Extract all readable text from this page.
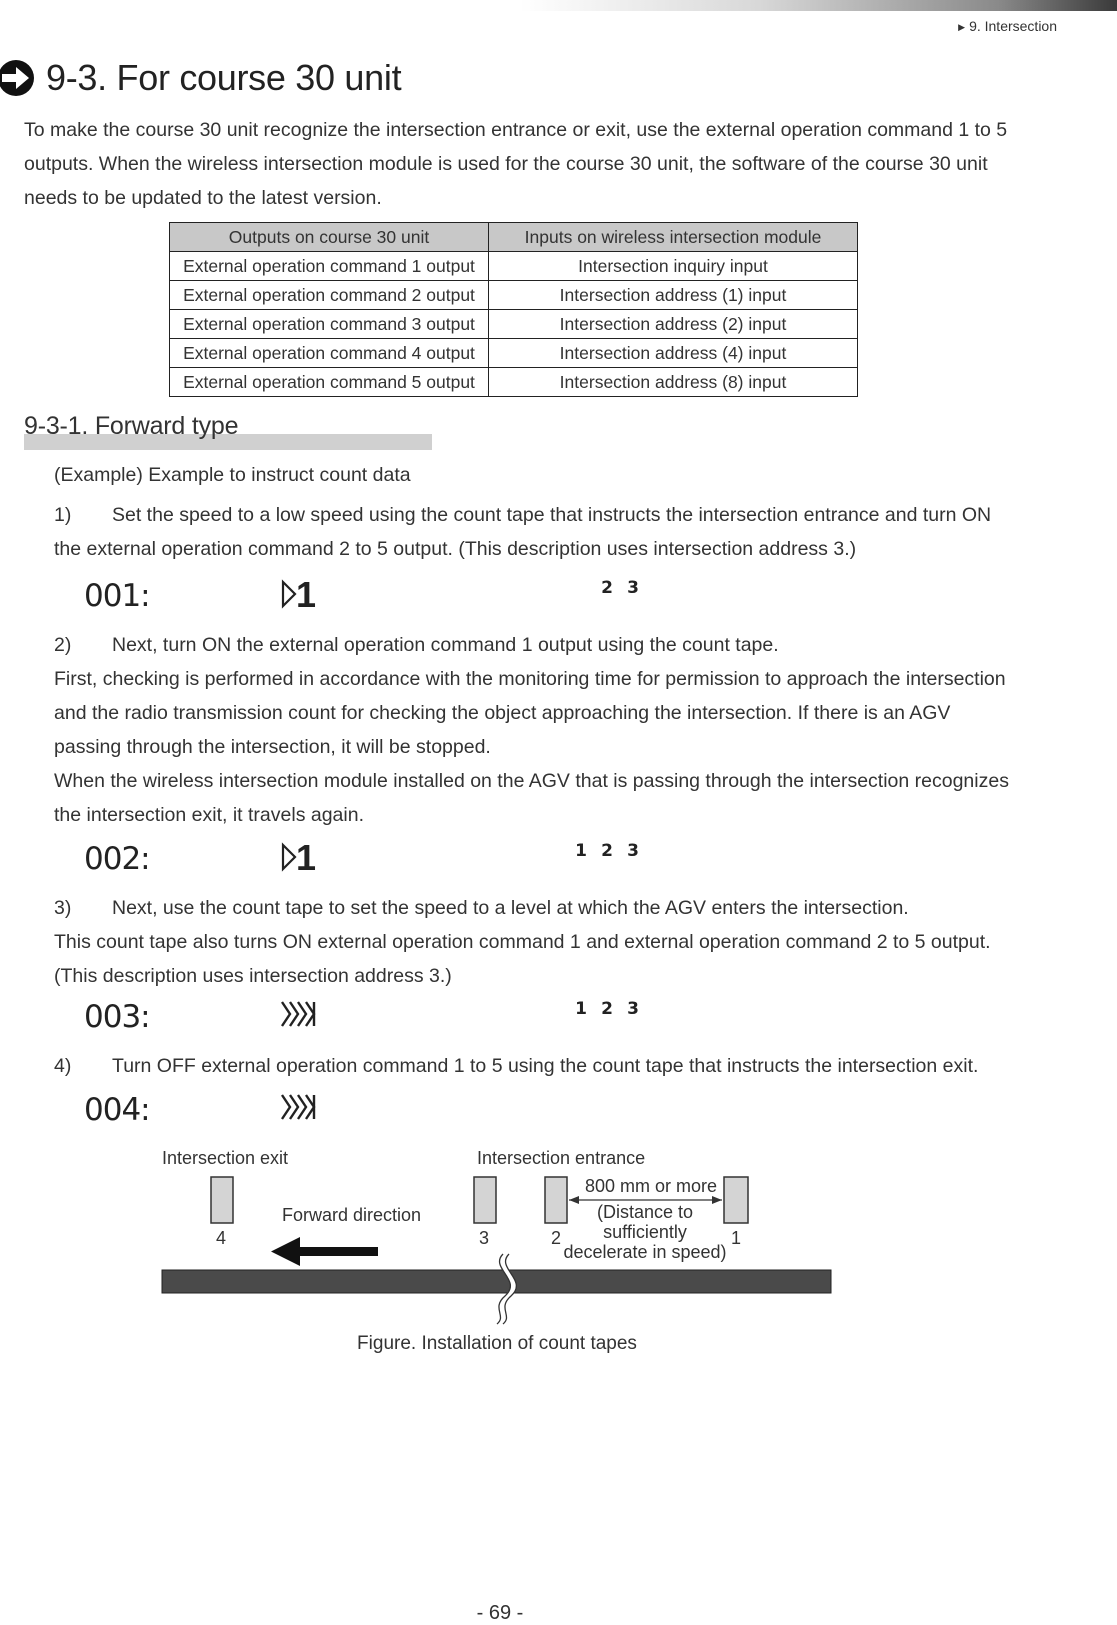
▶ 9. Intersection
9-3. For course 30 unit
To make the course 30 unit recognize the intersection entrance or exit, use the external operation command 1 to 5 outputs. When the wireless intersection module is used for the course 30 unit, the software of the course 30 unit needs to be updated to the latest version.
Outputs on course 30 unit	Inputs on wireless intersection module
External operation command 1 output	Intersection inquiry input
External operation command 2 output	Intersection address (1) input
External operation command 3 output	Intersection address (2) input
External operation command 4 output	Intersection address (4) input
External operation command 5 output	Intersection address (8) input
9-3-1. Forward type
(Example) Example to instruct count data
1) Set the speed to a low speed using the count tape that instructs the intersection entrance and turn ON the external operation command 2 to 5 output. (This description uses intersection address 3.)
001:	1	2 3
2) Next, turn ON the external operation command 1 output using the count tape.
First, checking is performed in accordance with the monitoring time for permission to approach the intersection and the radio transmission count for checking the object approaching the intersection. If there is an AGV passing through the intersection, it will be stopped.
When the wireless intersection module installed on the AGV that is passing through the intersection recognizes the intersection exit, it travels again.
002:	1	1 2 3
3) Next, use the count tape to set the speed to a level at which the AGV enters the intersection.
This count tape also turns ON external operation command 1 and external operation command 2 to 5 output. (This description uses intersection address 3.)
003:	1 2 3
4) Turn OFF external operation command 1 to 5 using the count tape that instructs the intersection exit.
004:
Intersection exit	Intersection entrance
800 mm or more
Forward direction
4	3	2	1
(Distance to
sufficiently
decelerate in speed)
Figure. Installation of count tapes
- 69 -
